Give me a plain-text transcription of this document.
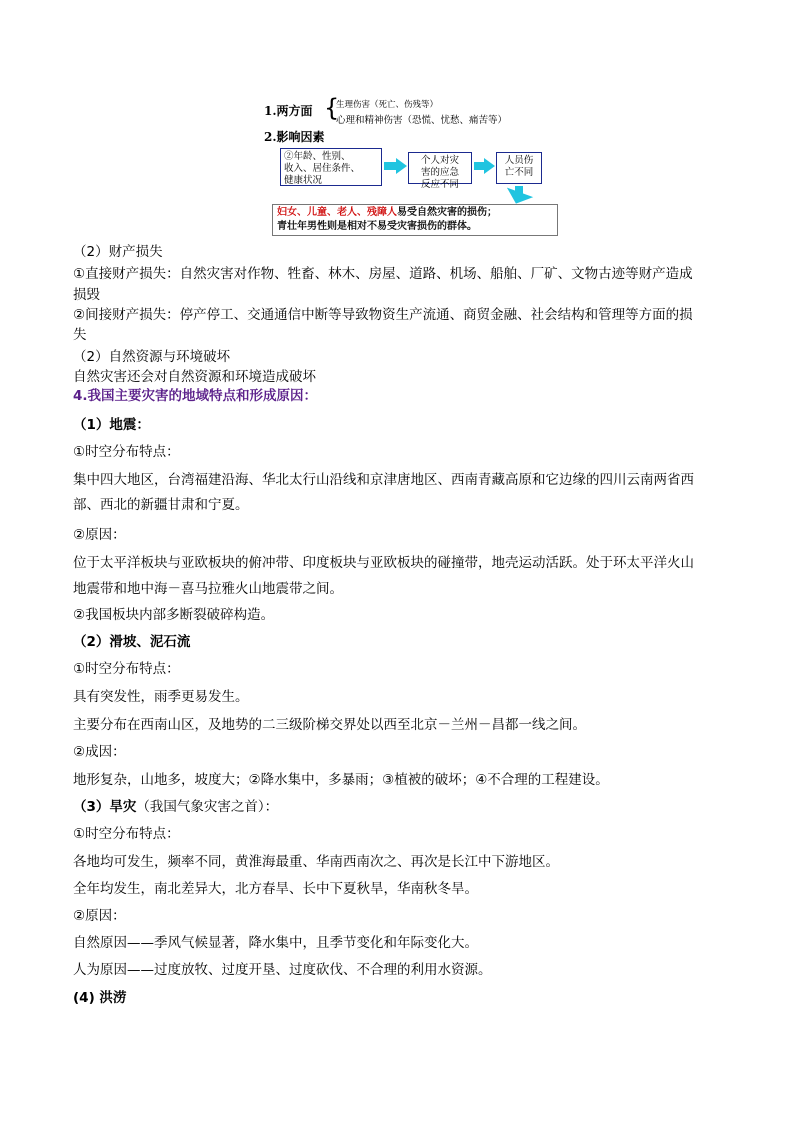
1.两方面 {
生理伤害（死亡、伤残等）
心理和精神伤害（恐慌、忧愁、痛苦等）
2.影响因素
②年龄、性别、
收入、居住条件、
健康状况
个人对灾
害的应急
反应不同
人员伤
亡不同
妇女、儿童、老人、残障人易受自然灾害的损伤；
青壮年男性则是相对不易受灾害损伤的群体。
（2）财产损失
①直接财产损失：自然灾害对作物、牲畜、林木、房屋、道路、机场、船舶、厂矿、文物古迹等财产造成
损毁
②间接财产损失：停产停工、交通通信中断等导致物资生产流通、商贸金融、社会结构和管理等方面的损
失
（2）自然资源与环境破坏
自然灾害还会对自然资源和环境造成破坏
4.我国主要灾害的地域特点和形成原因：
（1）地震：
①时空分布特点：
集中四大地区，台湾福建沿海、华北太行山沿线和京津唐地区、西南青藏高原和它边缘的四川云南两省西
部、西北的新疆甘肃和宁夏。
②原因：
位于太平洋板块与亚欧板块的俯冲带、印度板块与亚欧板块的碰撞带，地壳运动活跃。处于环太平洋火山
地震带和地中海－喜马拉雅火山地震带之间。
②我国板块内部多断裂破碎构造。
（2）滑坡、泥石流
①时空分布特点：
具有突发性，雨季更易发生。
主要分布在西南山区，及地势的二三级阶梯交界处以西至北京－兰州－昌都一线之间。
②成因：
地形复杂，山地多，坡度大；②降水集中，多暴雨；③植被的破坏；④不合理的工程建设。
（3）旱灾（我国气象灾害之首）：
①时空分布特点：
各地均可发生，频率不同，黄淮海最重、华南西南次之、再次是长江中下游地区。
全年均发生，南北差异大，北方春旱、长中下夏秋旱，华南秋冬旱。
②原因：
自然原因——季风气候显著，降水集中，且季节变化和年际变化大。
人为原因——过度放牧、过度开垦、过度砍伐、不合理的利用水资源。
(4) 洪涝
